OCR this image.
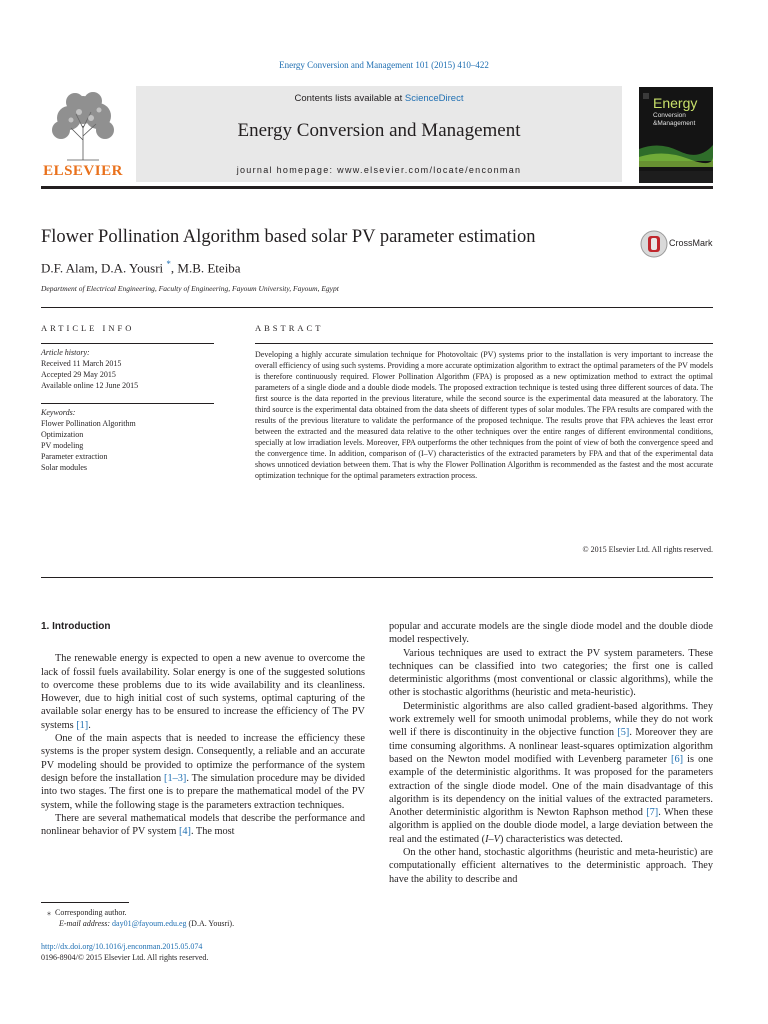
Energy Conversion and Management 101 (2015) 410–422
ELSEVIER
Contents lists available at ScienceDirect
Energy Conversion and Management
journal homepage: www.elsevier.com/locate/enconman
Energy
Conversion
&Management
Flower Pollination Algorithm based solar PV parameter estimation	CrossMark
D.F. Alam, D.A. Yousri *, M.B. Eteiba
Department of Electrical Engineering, Faculty of Engineering, Fayoum University, Fayoum, Egypt
ARTICLE INFO
Article history:
Received 11 March 2015
Accepted 29 May 2015
Available online 12 June 2015
Keywords:
Flower Pollination Algorithm
Optimization
PV modeling
Parameter extraction
Solar modules
ABSTRACT
Developing a highly accurate simulation technique for Photovoltaic (PV) systems prior to the installation is very important to increase the overall efficiency of using such systems. Providing a more accurate optimization algorithm to extract the optimal parameters of the PV models is therefore continuously required. Flower Pollination Algorithm (FPA) is proposed as a new optimization method to extract the optimal parameters of a single diode and a double diode models. The proposed extraction technique is tested using three different sources of data. The first source is the data reported in the previous literature, while the second source is the experimental data measured at the laboratory. The third source is the experimental data obtained from the data sheets of different types of solar modules. The FPA results are compared with the results of the previous literature to validate the performance of the proposed technique. The results prove that FPA achieves the least error between the extracted and the measured data relative to the other techniques over the entire ranges of different environmental conditions, specially at low irradiation levels. Moreover, FPA outperforms the other techniques from the point of view of both the convergence speed and the convergence time. In addition, comparison of (I–V) characteristics of the extracted parameters by FPA and that of the experimental data shows unnoticed deviation between them. That is why the Flower Pollination Algorithm is recommended as the fastest and the most accurate optimization technique for the optimal parameters extraction process.
© 2015 Elsevier Ltd. All rights reserved.
1. Introduction

The renewable energy is expected to open a new avenue to overcome the lack of fossil fuels availability. Solar energy is one of the suggested solutions to overcome these problems due to its wide availability and its cleanliness. However, due to high initial cost of such systems, optimal capturing of the available solar energy has to be ensured to increase the efficiency of The PV systems [1].

One of the main aspects that is needed to increase the efficiency these systems is the proper system design. Consequently, a reliable and an accurate PV modeling should be provided to optimize the performance of the system design before the installation [1–3]. The simulation procedure may be divided into two stages. The first one is to prepare the mathematical model of the PV system, while the following stage is the parameters extraction techniques.

There are several mathematical models that describe the performance and nonlinear behavior of PV system [4]. The most

popular and accurate models are the single diode model and the double diode model respectively.

Various techniques are used to extract the PV system parameters. These techniques can be classified into two categories; the first one is called deterministic algorithms (most conventional or classic algorithms), while the other is stochastic algorithms (heuristic and meta-heuristic).

Deterministic algorithms are also called gradient-based algorithms. They work extremely well for smooth unimodal problems, while they do not work well if there is discontinuity in the objective function [5]. Moreover they are time consuming algorithms. A nonlinear least-squares optimization algorithm based on the Newton model modified with Levenberg parameter [6] is one example of the deterministic algorithms. It was proposed for the parameters extraction of the single diode model. One of the main disadvantage of this algorithm is its dependency on the initial values of the extracted parameters. Another deterministic algorithm is Newton Raphson method [7]. When these algorithm is applied on the double diode model, a large deviation between the real and the estimated (I–V) characteristics was detected.

On the other hand, stochastic algorithms (heuristic and meta-heuristic) are computationally efficient alternatives to the deterministic approach. They have the ability to describe and

⁎ Corresponding author.
E-mail address: day01@fayoum.edu.eg (D.A. Yousri).
http://dx.doi.org/10.1016/j.enconman.2015.05.074
0196-8904/© 2015 Elsevier Ltd. All rights reserved.
